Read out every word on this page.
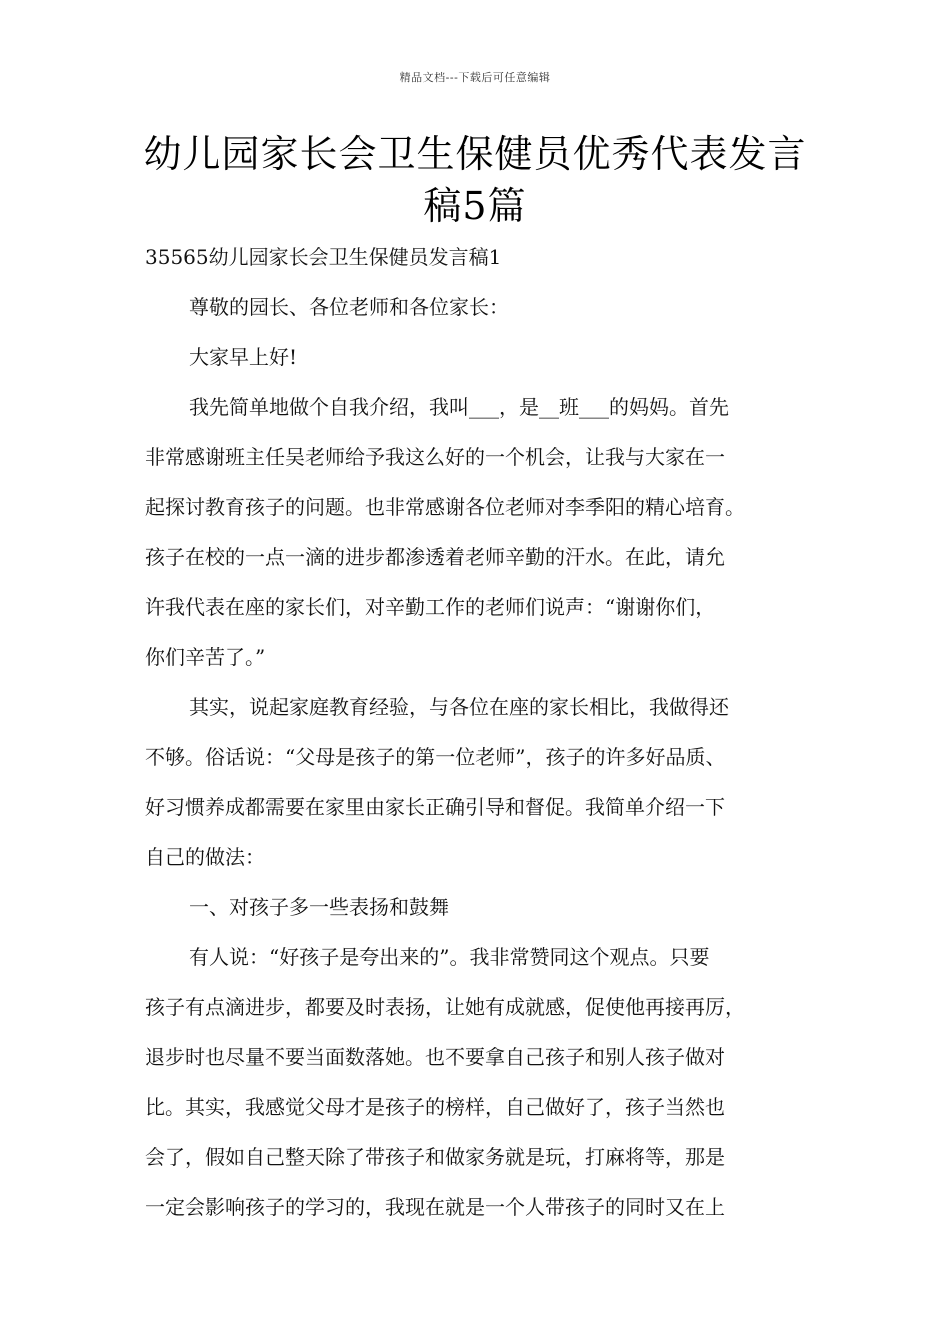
精品文档---下载后可任意编辑
幼儿园家长会卫生保健员优秀代表发言
稿5篇

35565幼儿园家长会卫生保健员发言稿1

尊敬的园长、各位老师和各位家长：

大家早上好!

我先简单地做个自我介绍，我叫___，是__班___的妈妈。首先

非常感谢班主任吴老师给予我这么好的一个机会，让我与大家在一

起探讨教育孩子的问题。也非常感谢各位老师对李季阳的精心培育。

孩子在校的一点一滴的进步都渗透着老师辛勤的汗水。在此，请允

许我代表在座的家长们，对辛勤工作的老师们说声：“谢谢你们，

你们辛苦了。”

其实，说起家庭教育经验，与各位在座的家长相比，我做得还

不够。俗话说：“父母是孩子的第一位老师”，孩子的许多好品质、

好习惯养成都需要在家里由家长正确引导和督促。我简单介绍一下

自己的做法：

一、对孩子多一些表扬和鼓舞

有人说：“好孩子是夸出来的”。我非常赞同这个观点。只要

孩子有点滴进步，都要及时表扬，让她有成就感，促使他再接再厉，

退步时也尽量不要当面数落她。也不要拿自己孩子和别人孩子做对

比。其实，我感觉父母才是孩子的榜样，自己做好了，孩子当然也

会了，假如自己整天除了带孩子和做家务就是玩，打麻将等，那是

一定会影响孩子的学习的，我现在就是一个人带孩子的同时又在上
